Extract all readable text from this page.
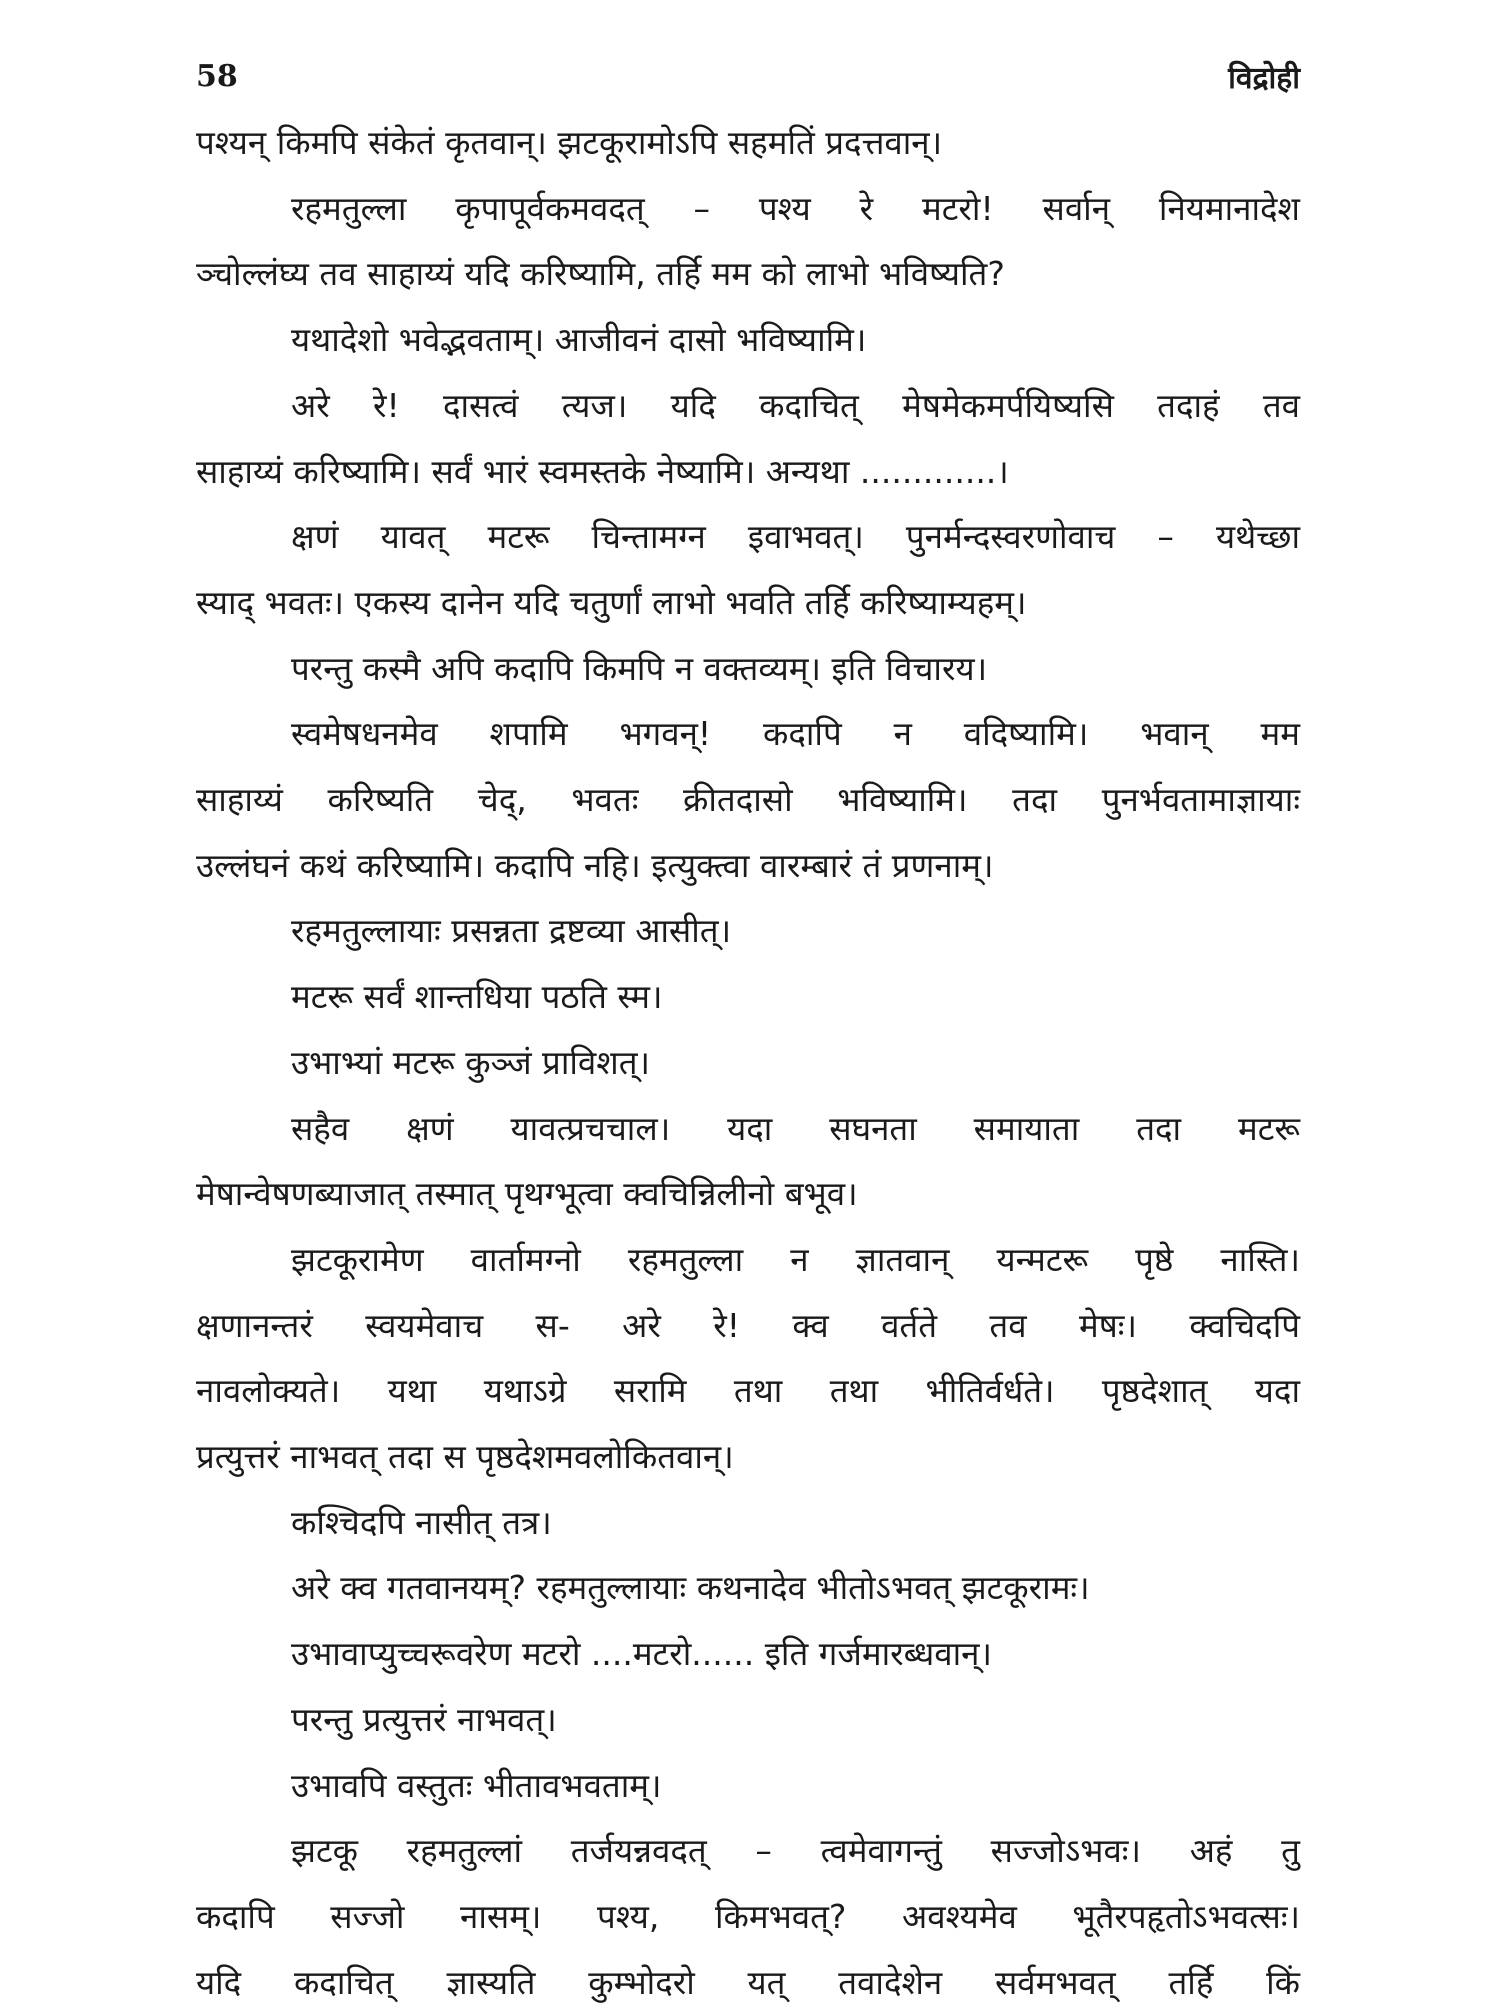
58	विद्रोही
पश्यन् किमपि संकेतं कृतवान्। झटकूरामोऽपि सहमतिं प्रदत्तवान्।
रहमतुल्ला कृपापूर्वकमवदत् – पश्य रे मटरो! सर्वान् नियमानादेश
ञ्चोल्लंघ्य तव साहाय्यं यदि करिष्यामि, तर्हि मम को लाभो भविष्यति?
यथादेशो भवेद्भवताम्। आजीवनं दासो भविष्यामि।
अरे रे! दासत्वं त्यज। यदि कदाचित् मेषमेकमर्पयिष्यसि तदाहं तव
साहाय्यं करिष्यामि। सर्वं भारं स्वमस्तके नेष्यामि। अन्यथा .............।
क्षणं यावत् मटरू चिन्तामग्न इवाभवत्। पुनर्मन्दस्वरणोवाच – यथेच्छा
स्याद् भवतः। एकस्य दानेन यदि चतुर्णां लाभो भवति तर्हि करिष्याम्यहम्।
परन्तु कस्मै अपि कदापि किमपि न वक्तव्यम्। इति विचारय।
स्वमेषधनमेव शपामि भगवन्! कदापि न वदिष्यामि। भवान् मम
साहाय्यं करिष्यति चेद्, भवतः क्रीतदासो भविष्यामि। तदा पुनर्भवतामाज्ञायाः
उल्लंघनं कथं करिष्यामि। कदापि नहि। इत्युक्त्वा वारम्बारं तं प्रणनाम्।
रहमतुल्लायाः प्रसन्नता द्रष्टव्या आसीत्।
मटरू सर्वं शान्तधिया पठति स्म।
उभाभ्यां मटरू कुञ्जं प्राविशत्।
सहैव क्षणं यावत्प्रचचाल। यदा सघनता समायाता तदा मटरू
मेषान्वेषणब्याजात् तस्मात् पृथग्भूत्वा क्वचिन्निलीनो बभूव।
झटकूरामेण वार्तामग्नो रहमतुल्ला न ज्ञातवान् यन्मटरू पृष्ठे नास्ति।
क्षणानन्तरं स्वयमेवाच स- अरे रे! क्व वर्तते तव मेषः। क्वचिदपि
नावलोक्यते। यथा यथाऽग्रे सरामि तथा तथा भीतिर्वर्धते। पृष्ठदेशात् यदा
प्रत्युत्तरं नाभवत् तदा स पृष्ठदेशमवलोकितवान्।
कश्चिदपि नासीत् तत्र।
अरे क्व गतवानयम्? रहमतुल्लायाः कथनादेव भीतोऽभवत् झटकूरामः।
उभावाप्युच्चरूवरेण मटरो ....मटरो...... इति गर्जमारब्धवान्।
परन्तु प्रत्युत्तरं नाभवत्।
उभावपि वस्तुतः भीतावभवताम्।
झटकू रहमतुल्लां तर्जयन्नवदत् – त्वमेवागन्तुं सज्जोऽभवः। अहं तु
कदापि सज्जो नासम्। पश्य, किमभवत्? अवश्यमेव भूतैरपहृतोऽभवत्सः।
यदि कदाचित् ज्ञास्यति कुम्भोदरो यत् तवादेशेन सर्वमभवत् तर्हि किं
